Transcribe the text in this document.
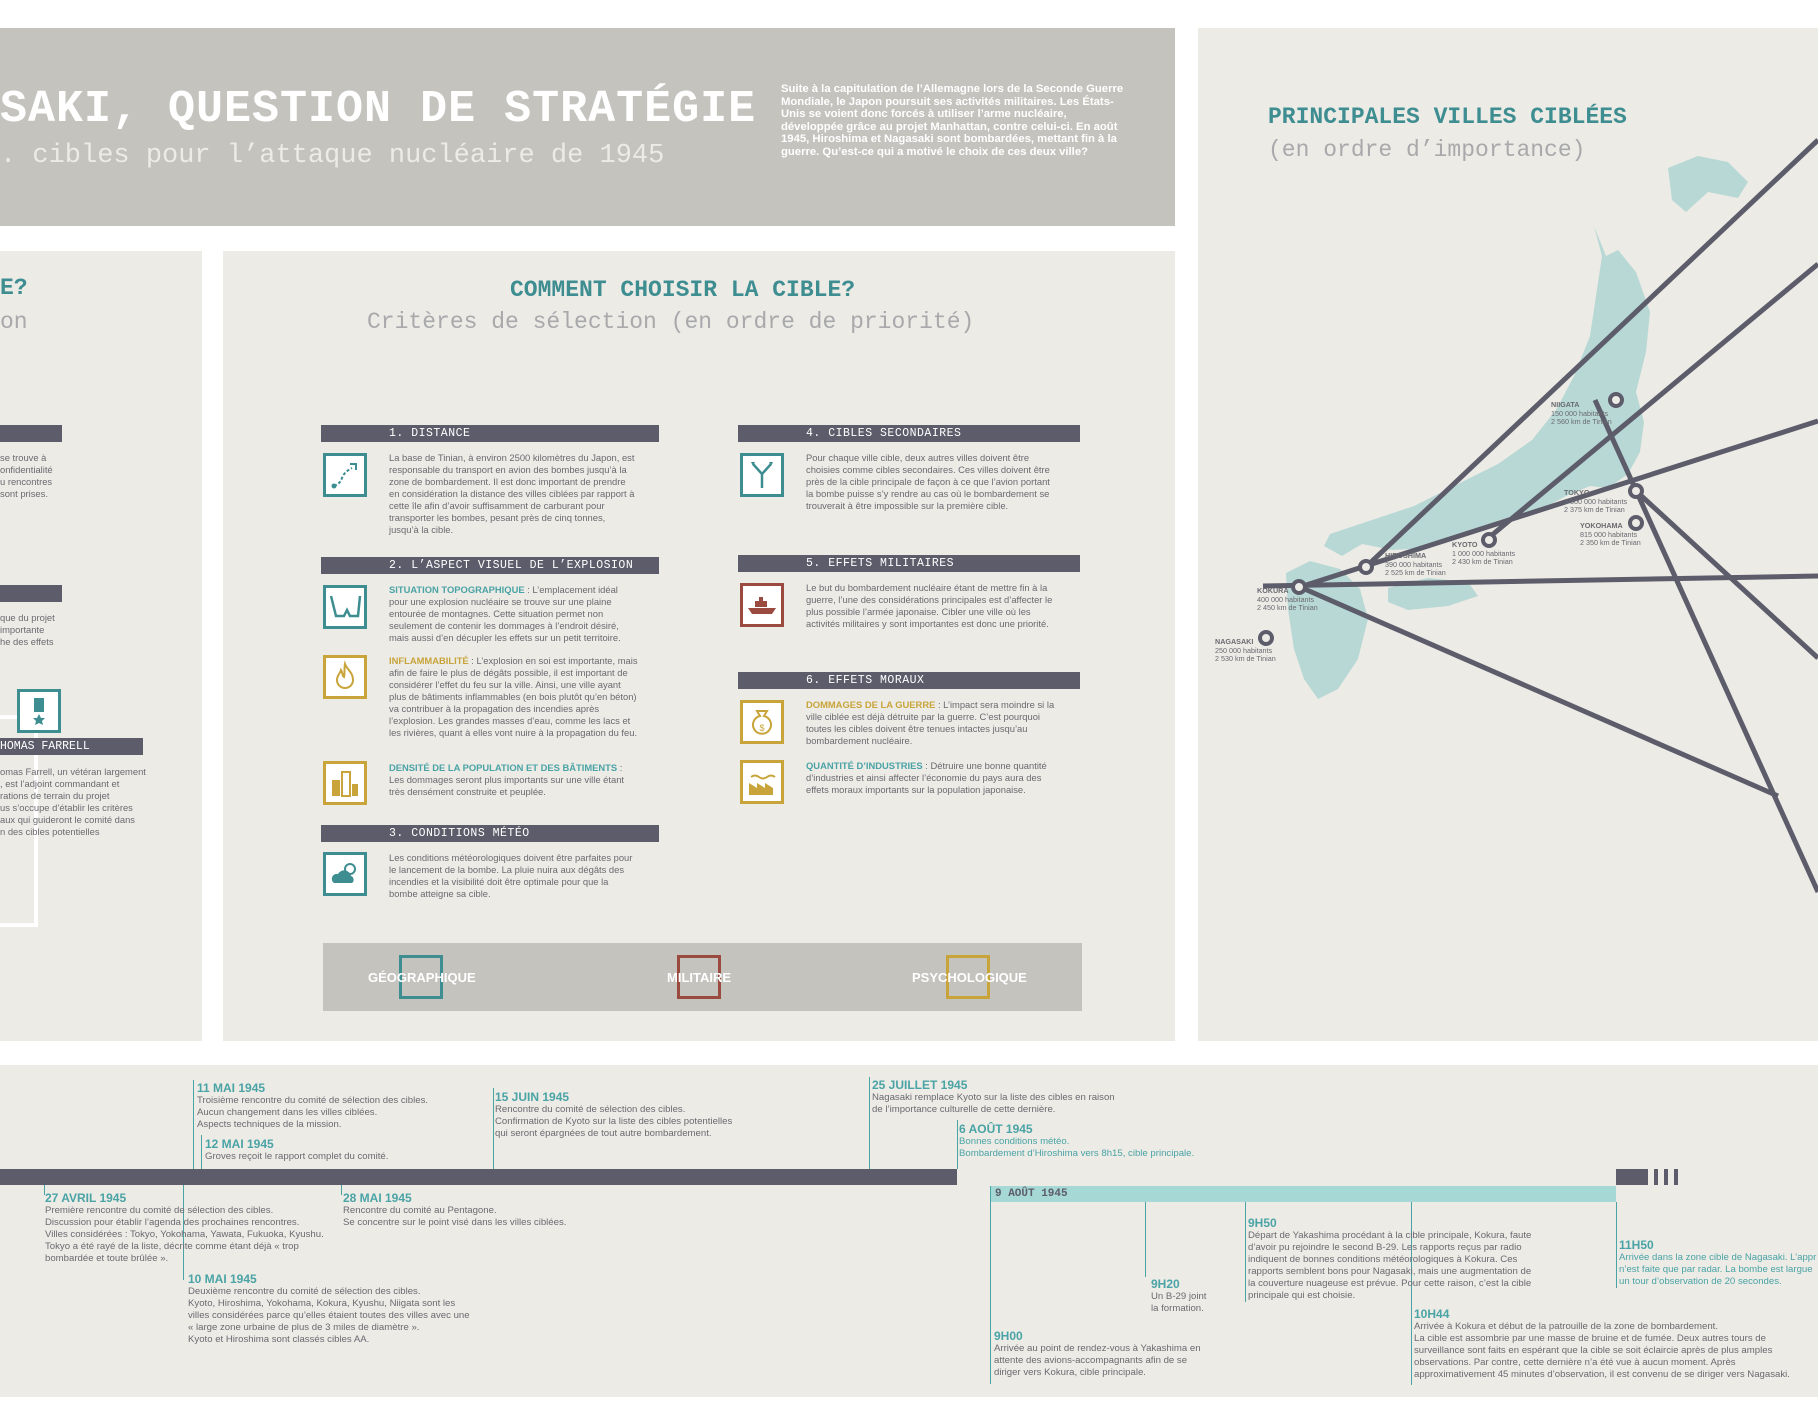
SAKI, QUESTION DE STRATÉGIE
. cibles pour l’attaque nucléaire de 1945
Suite à la capitulation de l’Allemagne lors de la Seconde Guerre Mondiale, le Japon poursuit ses activités militaires. Les États-Unis se voient donc forcés à utiliser l’arme nucléaire, développée grâce au projet Manhattan, contre celui-ci. En août 1945, Hiroshima et Nagasaki sont bombardées, mettant fin à la guerre. Qu’est-ce qui a motivé le choix de ces deux ville?
E?
on
se trouve à
onfidentialité
u rencontres
sont prises.
que du projet
importante
he des effets
HOMAS FARRELL
omas Farrell, un vétéran largement
, est l’adjoint commandant et
rations de terrain du projet
us s’occupe d’établir les critères
aux qui guideront le comité dans
n des cibles potentielles
COMMENT CHOISIR LA CIBLE?
Critères de sélection (en ordre de priorité)
1. DISTANCE
La base de Tinian, à environ 2500 kilomètres du Japon, est responsable du transport en avion des bombes jusqu’à la zone de bombardement. Il est donc important de prendre en considération la distance des villes ciblées par rapport à cette île afin d’avoir suffisamment de carburant pour transporter les bombes, pesant près de cinq tonnes, jusqu’à la cible.
2. L’ASPECT VISUEL DE L’EXPLOSION
SITUATION TOPOGRAPHIQUE : L’emplacement idéal pour une explosion nucléaire se trouve sur une plaine entourée de montagnes. Cette situation permet non seulement de contenir les dommages à l’endroit désiré, mais aussi d’en décupler les effets sur un petit territoire.
INFLAMMABILITÉ : L’explosion en soi est importante, mais afin de faire le plus de dégâts possible, il est important de considérer l’effet du feu sur la ville. Ainsi, une ville ayant plus de bâtiments inflammables (en bois plutôt qu’en béton) va contribuer à la propagation des incendies après l’explosion. Les grandes masses d’eau, comme les lacs et les rivières, quant à elles vont nuire à la propagation du feu.
DENSITÉ DE LA POPULATION ET DES BÂTIMENTS : Les dommages seront plus importants sur une ville étant très densément construite et peuplée.
3. CONDITIONS MÉTÉO
Les conditions météorologiques doivent être parfaites pour le lancement de la bombe. La pluie nuira aux dégâts des incendies et la visibilité doit être optimale pour que la bombe atteigne sa cible.
4. CIBLES SECONDAIRES
Pour chaque ville cible, deux autres villes doivent être choisies comme cibles secondaires. Ces villes doivent être près de la cible principale de façon à ce que l’avion portant la bombe puisse s’y rendre au cas où le bombardement se trouverait à être impossible sur la première cible.
5. EFFETS MILITAIRES
Le but du bombardement nucléaire étant de mettre fin à la guerre, l’une des considérations principales est d’affecter le plus possible l’armée japonaise. Cibler une ville où les activités militaires y sont importantes est donc une priorité.
6. EFFETS MORAUX
$
DOMMAGES DE LA GUERRE : L’impact sera moindre si la ville ciblée est déjà détruite par la guerre. C’est pourquoi toutes les cibles doivent être tenues intactes jusqu’au bombardement nucléaire.
QUANTITÉ D’INDUSTRIES : Détruire une bonne quantité d’industries et ainsi affecter l’économie du pays aura des effets moraux importants sur la population japonaise.
GÉOGRAPHIQUE	MILITAIRE	PSYCHOLOGIQUE
PRINCIPALES VILLES CIBLÉES
(en ordre d’importance)
NIIGATA
150 000 habitants
2 560 km de Tinian
TOKYO
3 500 000 habitants
2 375 km de Tinian
YOKOHAMA
815 000 habitants
2 350 km de Tinian
KYOTO
1 000 000 habitants
2 430 km de Tinian
HIROSHIMA
390 000 habitants
2 525 km de Tinian
KOKURA
400 000 habitants
2 450 km de Tinian
NAGASAKI
250 000 habitants
2 530 km de Tinian
9 AOÛT 1945
27 AVRIL 1945
Première rencontre du comité de sélection des cibles.
Discussion pour établir l’agenda des prochaines rencontres.
Villes considérées : Tokyo, Yokohama, Yawata, Fukuoka, Kyushu.
Tokyo a été rayé de la liste, décrite comme étant déjà « trop bombardée et toute brûlée ».
10 MAI 1945
Deuxième rencontre du comité de sélection des cibles.
Kyoto, Hiroshima, Yokohama, Kokura, Kyushu, Niigata sont les villes considérées parce qu’elles étaient toutes des villes avec une « large zone urbaine de plus de 3 miles de diamètre ».
Kyoto et Hiroshima sont classés cibles AA.
11 MAI 1945
Troisième rencontre du comité de sélection des cibles.
Aucun changement dans les villes ciblées.
Aspects techniques de la mission.
12 MAI 1945
Groves reçoit le rapport complet du comité.
28 MAI 1945
Rencontre du comité au Pentagone.
Se concentre sur le point visé dans les villes ciblées.
15 JUIN 1945
Rencontre du comité de sélection des cibles.
Confirmation de Kyoto sur la liste des cibles potentielles
qui seront épargnées de tout autre bombardement.
25 JUILLET 1945
Nagasaki remplace Kyoto sur la liste des cibles en raison
de l’importance culturelle de cette dernière.
6 AOÛT 1945
Bonnes conditions météo.
Bombardement d’Hiroshima vers 8h15, cible principale.
9H00
Arrivée au point de rendez-vous à Yakashima en attente des avions-accompagnants afin de se diriger vers Kokura, cible principale.
9H20
Un B-29 joint
la formation.
9H50
Départ de Yakashima procédant à la cible principale, Kokura, faute d’avoir pu rejoindre le second B-29. Les rapports reçus par radio indiquent de bonnes conditions météorologiques à Kokura. Ces rapports semblent bons pour Nagasaki, mais une augmentation de la couverture nuageuse est prévue. Pour cette raison, c’est la cible principale qui est choisie.
10H44
Arrivée à Kokura et début de la patrouille de la zone de bombardement.
La cible est assombrie par une masse de bruine et de fumée. Deux autres tours de surveillance sont faits en espérant que la cible se soit éclaircie après de plus amples observations. Par contre, cette dernière n’a été vue à aucun moment. Après approximativement 45 minutes d’observation, il est convenu de se diriger vers Nagasaki.
11H50
Arrivée dans la zone cible de Nagasaki. L’appr
n’est faite que par radar. La bombe est largue
un tour d’observation de 20 secondes.
